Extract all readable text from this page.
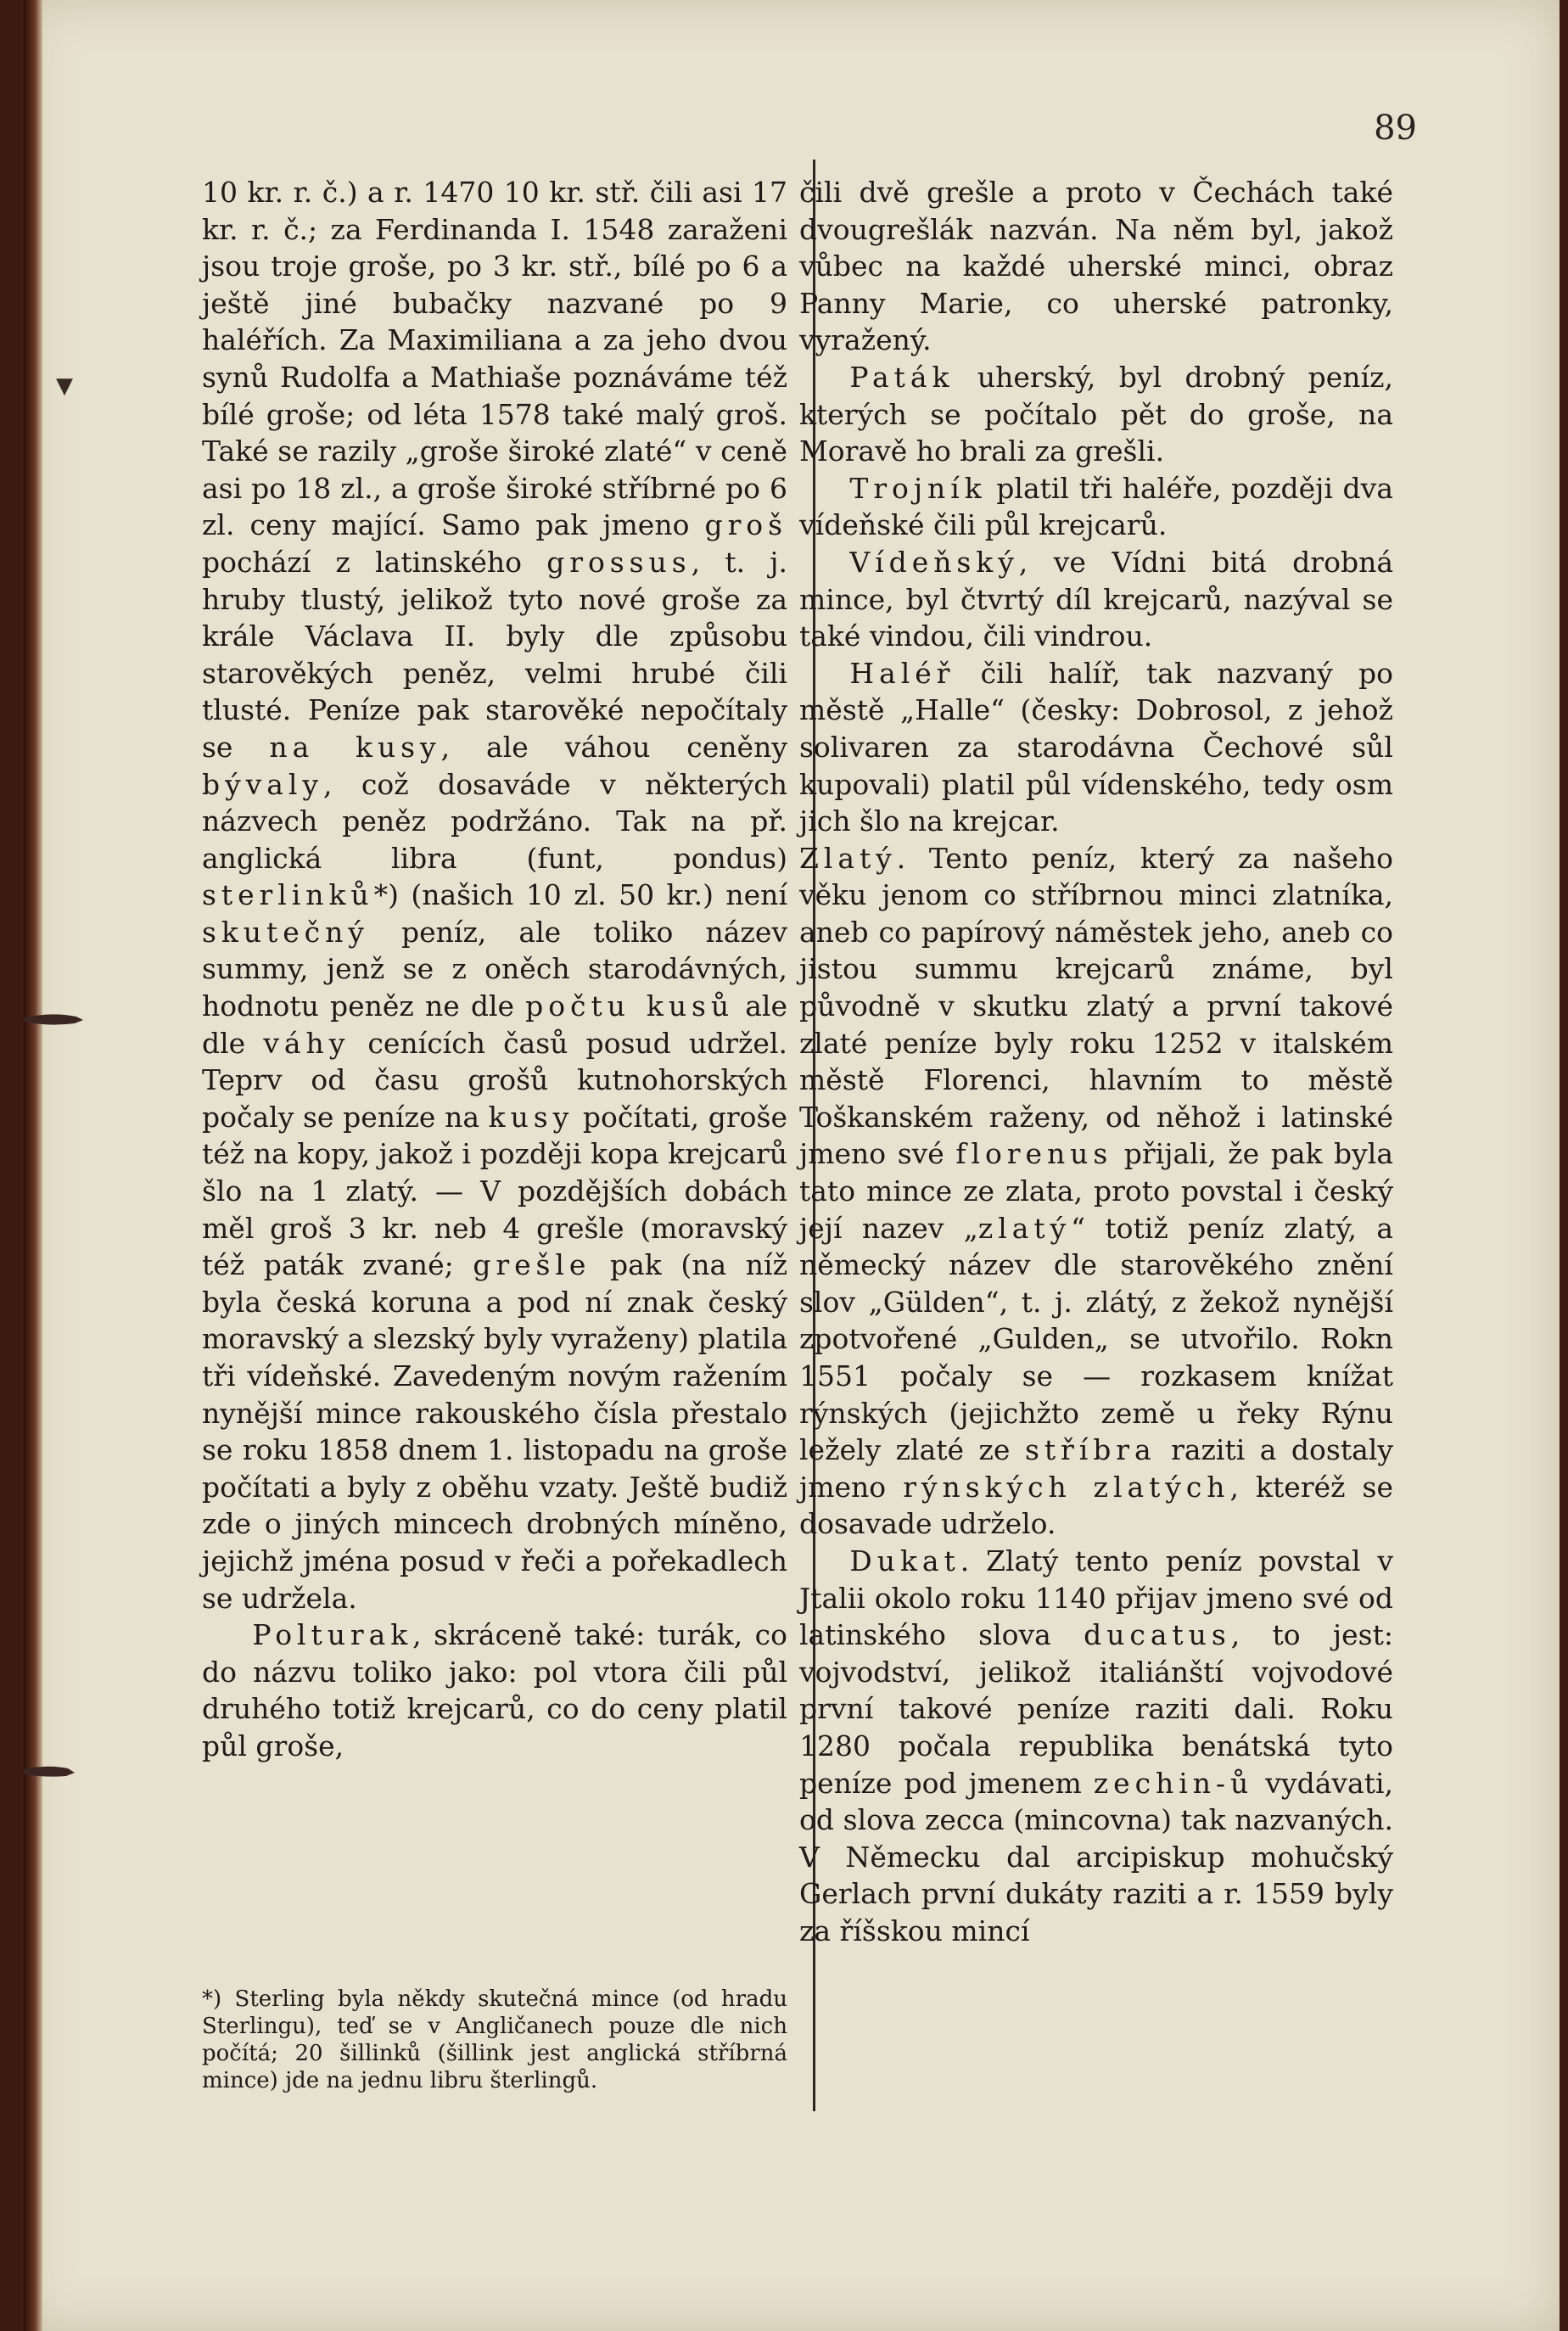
▼
89

10 kr. r. č.) a r. 1470 10 kr. stř. čili asi 17 kr. r. č.; za Ferdinanda I. 1548 zaraženi jsou troje groše, po 3 kr. stř., bílé po 6 a ještě jiné bubačky nazvané po 9 haléřích. Za Maximiliana a za jeho dvou synů Rudolfa a Mathiaše poznáváme též bílé groše; od léta 1578 také malý groš. Také se razily „groše široké zlaté“ v ceně asi po 18 zl., a groše široké stříbrné po 6 zl. ceny mající. Samo pak jmeno groš pochází z latinského grossus, t. j. hruby tlustý, jelikož tyto nové groše za krále Václava II. byly dle způsobu starověkých peněz, velmi hrubé čili tlusté. Peníze pak starověké nepočítaly se na kusy, ale váhou ceněny bývaly, což dosaváde v některých názvech peněz podržáno. Tak na př. anglická libra (funt, pondus) sterlinků*) (našich 10 zl. 50 kr.) není skutečný peníz, ale toliko název summy, jenž se z oněch starodávných, hodnotu peněz ne dle počtu kusů ale dle váhy cenících časů posud udržel. Teprv od času grošů kutnohorských počaly se peníze na kusy počítati, groše též na kopy, jakož i později kopa krejcarů šlo na 1 zlatý. — V pozdějších dobách měl groš 3 kr. neb 4 grešle (moravský též paták zvané; grešle pak (na níž byla česká koruna a pod ní znak český moravský a slezský byly vyraženy) platila tři vídeňské. Zavedeným novým ražením nynější mince rakouského čísla přestalo se roku 1858 dnem 1. listopadu na groše počítati a byly z oběhu vzaty. Ještě budiž zde o jiných mincech drobných míněno, jejichž jména posud v řeči a pořekadlech se udržela.

Polturak, skráceně také: turák, co do názvu toliko jako: pol vtora čili půl druhého totiž krejcarů, co do ceny platil půl groše,

čili dvě grešle a proto v Čechách také dvougrešlák nazván. Na něm byl, jakož vůbec na každé uherské minci, obraz Panny Marie, co uherské patronky, vyražený.

Paták uherský, byl drobný peníz, kterých se počítalo pět do groše, na Moravě ho brali za grešli.

Trojník platil tři haléře, později dva vídeňské čili půl krejcarů.

Vídeňský, ve Vídni bitá drobná mince, byl čtvrtý díl krejcarů, nazýval se také vindou, čili vindrou.

Haléř čili halíř, tak nazvaný po městě „Halle“ (česky: Dobrosol, z jehož solivaren za starodávna Čechové sůl kupovali) platil půl vídenského, tedy osm jich šlo na krejcar.

Zlatý. Tento peníz, který za našeho věku jenom co stříbrnou minci zlatníka, aneb co papírový náměstek jeho, aneb co jistou summu krejcarů známe, byl původně v skutku zlatý a první takové zlaté peníze byly roku 1252 v italském městě Florenci, hlavním to městě Toškanském raženy, od něhož i latinské jmeno své florenus přijali, že pak byla tato mince ze zlata, proto povstal i český její nazev „zlatý“ totiž peníz zlatý, a německý název dle starověkého znění slov „Gülden“, t. j. zlátý, z žekož nynější zpotvořené „Gulden„ se utvořilo. Rokn 1551 počaly se — rozkasem knížat rýnských (jejichžto země u řeky Rýnu ležely zlaté ze stříbra raziti a dostaly jmeno rýnských zlatých, kteréž se dosavade udrželo.

Dukat. Zlatý tento peníz povstal v Jtalii okolo roku 1140 přijav jmeno své od latinského slova ducatus, to jest: vojvodství, jelikož italiánští vojvodové první takové peníze raziti dali. Roku 1280 počala republika benátská tyto peníze pod jmenem zechin-ů vydávati, od slova zecca (mincovna) tak nazvaných. V Německu dal arcipiskup mohučský Gerlach první dukáty raziti a r. 1559 byly za říšskou mincí

*) Sterling byla někdy skutečná mince (od hradu Sterlingu), teď se v Angličanech pouze dle nich počítá; 20 šillinků (šillink jest anglická stříbrná mince) jde na jednu libru šterlingů.
